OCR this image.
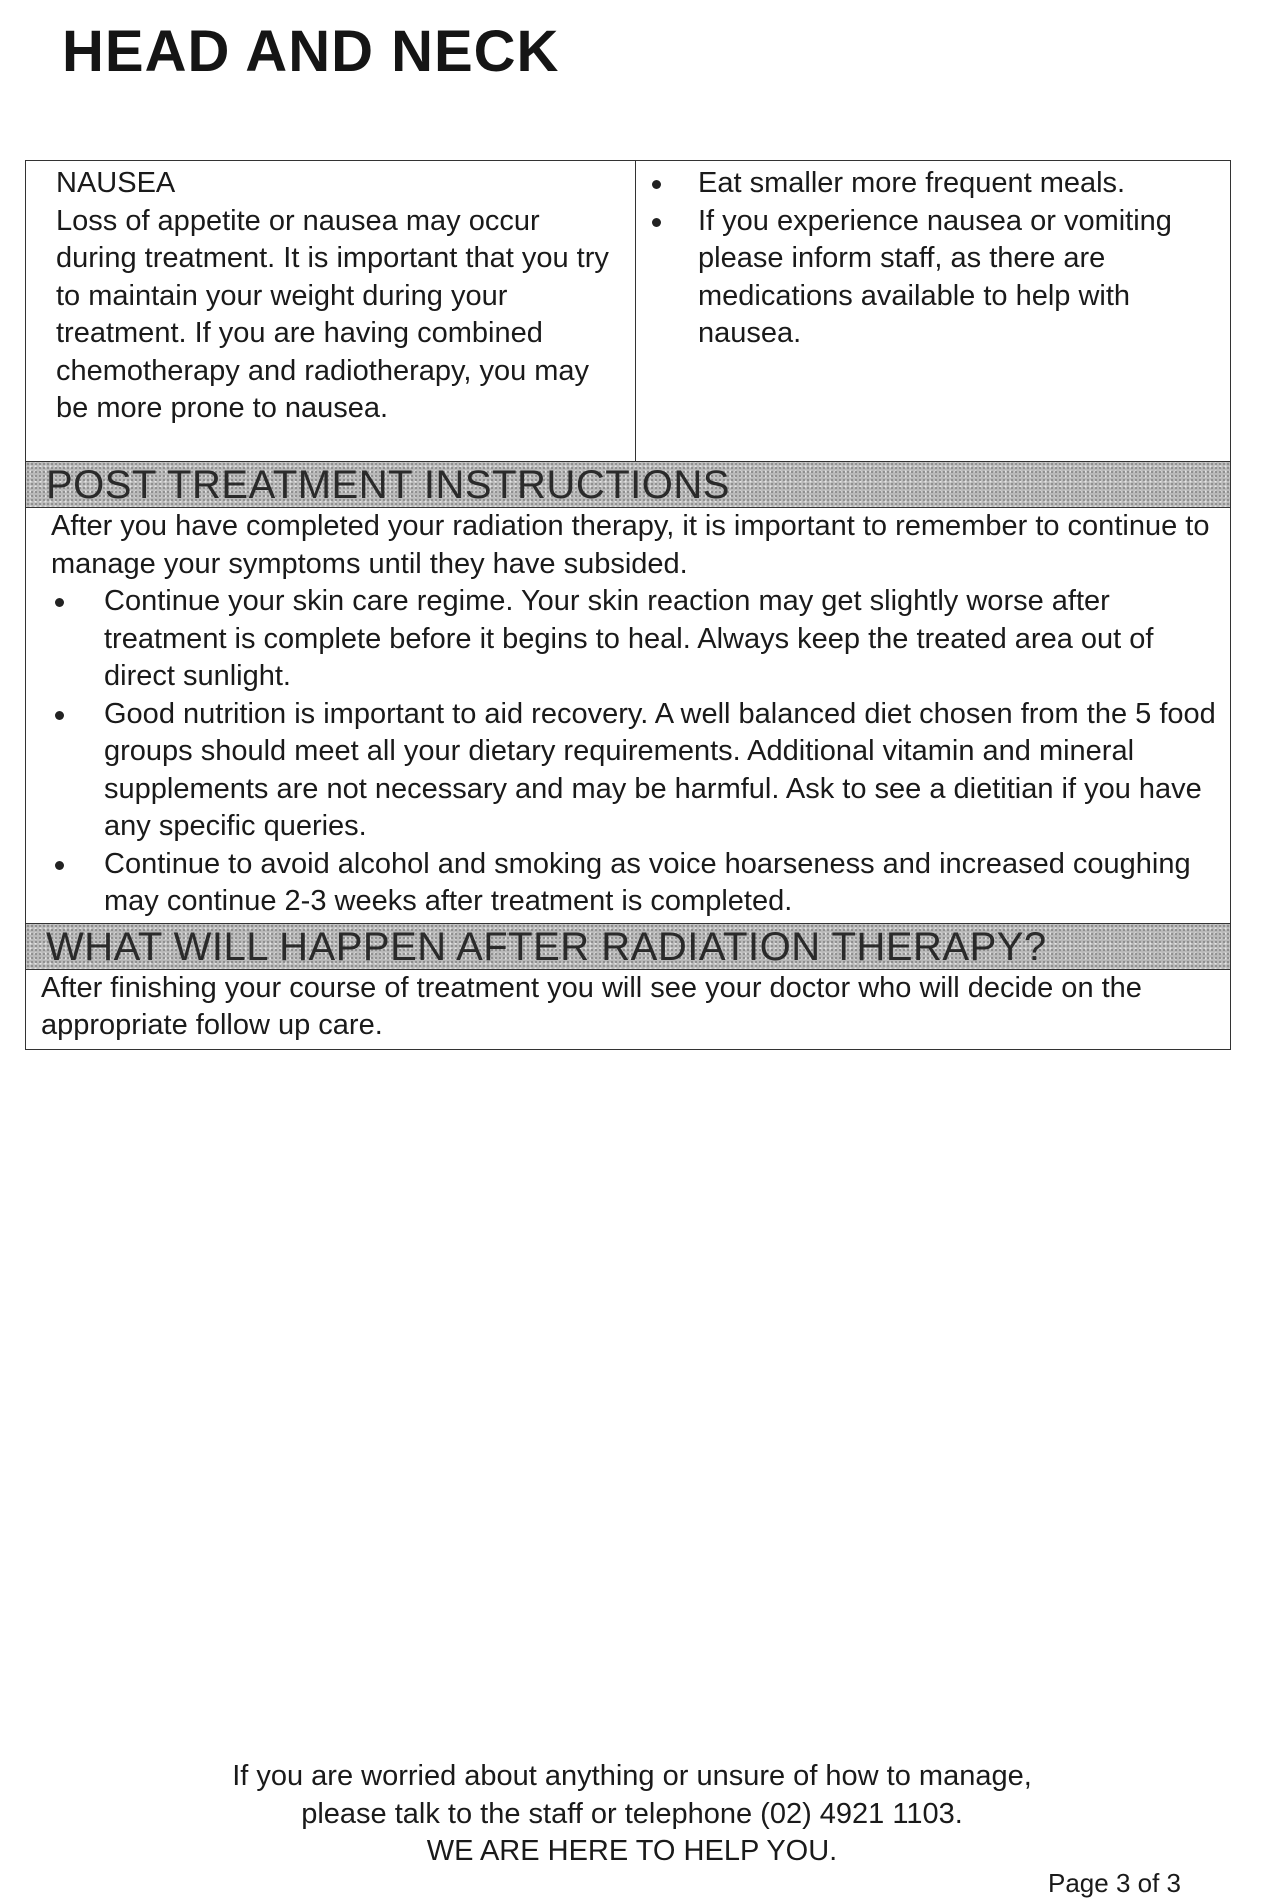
HEAD AND NECK

NAUSEA

Loss of appetite or nausea may occur during treatment. It is important that you try to maintain your weight during your treatment. If you are having combined chemotherapy and radiotherapy, you may be more prone to nausea.

Eat smaller more frequent meals.
If you experience nausea or vomiting please inform staff, as there are medications available to help with nausea.
POST TREATMENT INSTRUCTIONS

After you have completed your radiation therapy, it is important to remember to continue to manage your symptoms until they have subsided.

Continue your skin care regime. Your skin reaction may get slightly worse after treatment is complete before it begins to heal. Always keep the treated area out of direct sunlight.
Good nutrition is important to aid recovery. A well balanced diet chosen from the 5 food groups should meet all your dietary requirements. Additional vitamin and mineral supplements are not necessary and may be harmful. Ask to see a dietitian if you have any specific queries.
Continue to avoid alcohol and smoking as voice hoarseness and increased coughing may continue 2-3 weeks after treatment is completed.
WHAT WILL HAPPEN AFTER RADIATION THERAPY?

After finishing your course of treatment you will see your doctor who will decide on the appropriate follow up care.

If you are worried about anything or unsure of how to manage,

please talk to the staff or telephone (02) 4921 1103.

WE ARE HERE TO HELP YOU.

Page 3 of 3
